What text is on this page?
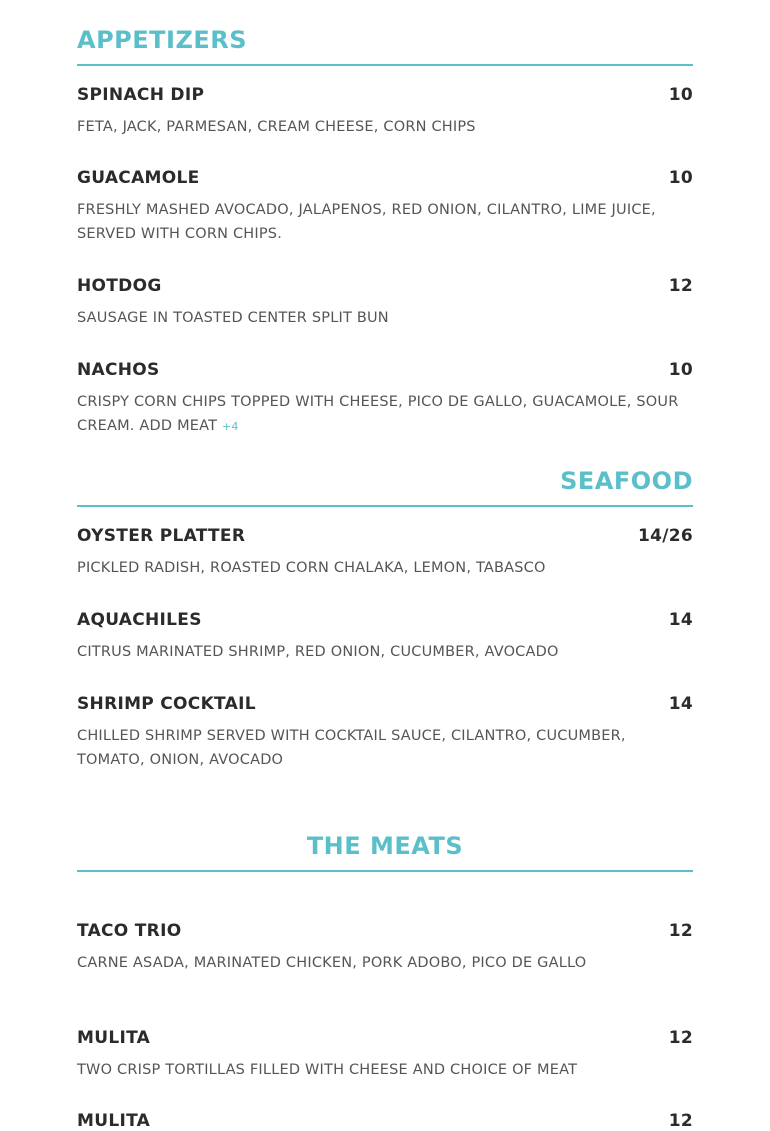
APPETIZERS
SPINACH DIP	10
FETA, JACK, PARMESAN, CREAM CHEESE, CORN CHIPS
GUACAMOLE	10
FRESHLY MASHED AVOCADO, JALAPENOS, RED ONION, CILANTRO, LIME JUICE, SERVED WITH CORN CHIPS.
HOTDOG	12
SAUSAGE IN TOASTED CENTER SPLIT BUN
NACHOS	10
CRISPY CORN CHIPS TOPPED WITH CHEESE, PICO DE GALLO, GUACAMOLE, SOUR CREAM. ADD MEAT +4
SEAFOOD
OYSTER PLATTER	14/26
PICKLED RADISH, ROASTED CORN CHALAKA, LEMON, TABASCO
AQUACHILES	14
CITRUS MARINATED SHRIMP, RED ONION, CUCUMBER, AVOCADO
SHRIMP COCKTAIL	14
CHILLED SHRIMP SERVED WITH COCKTAIL SAUCE, CILANTRO, CUCUMBER, TOMATO, ONION, AVOCADO
THE MEATS
TACO TRIO	12
CARNE ASADA, MARINATED CHICKEN, PORK ADOBO, PICO DE GALLO
MULITA	12
TWO CRISP TORTILLAS FILLED WITH CHEESE AND CHOICE OF MEAT
MULITA	12
